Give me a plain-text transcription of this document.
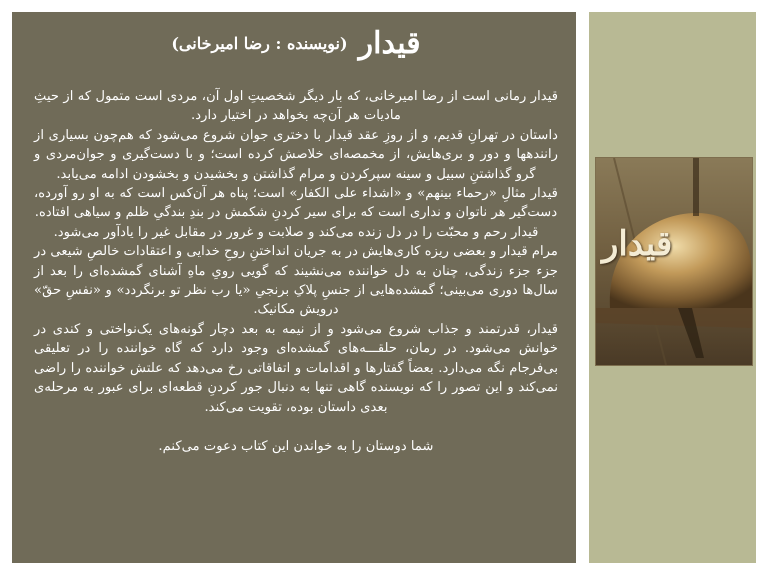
قیدار (نویسنده : رضا امیرخانی)

قیدار رمانی است از رضا امیرخانی، که بار دیگر شخصیتِ اول آن، مردی است متمول که از حیثِ مادیات هر آن‌چه بخواهد در اختیار دارد.

داستان در تهرانِ قدیم، و از روزِ عقد قیدار با دختری جوان شروع می‌شود که هم‌چون بسیاری از رانندهها و دور و بری‌هایش، از مخمصه‌ای خلاصش کرده است؛ و با دست‌گیری و جوان‌مردی و گرو گذاشتنِ سبیل و سینه سپرکردن و مرام گذاشتن و بخشیدن و بخشودن ادامه می‌یابد.

قیدار مثالِ «رحماء بینهم» و «اشداء علی الکفار» است؛ پناه هر آن‌کس است که به او رو آورده، دست‌گیر هر ناتوان و نداری است که برای سیر کردنِ شکمش در بندِ بندگیِ ظلم و سیاهی افتاده.

قیدار رحم و محبّت را در دل زنده می‌کند و صلابت و غرور در مقابل غیر را یادآور می‌شود.

مرام قیدار و بعضی ریزه کاری‌هایش در به جریان انداختنِ روحِ خدایی و اعتقادات خالصِ شیعی در جزء جزء زندگی، چنان به دل خواننده می‌نشیند که گویی رویِ ماهِ آشنای گمشده‌ای را بعد از سال‌ها دوری می‌بینی؛ گمشده‌هایی از جنسِ پلاکِ برنجیِ «یا رب نظر تو برنگردد» و «نفسِ حقّ» درویش مکانیک.

قیدار، قدرتمند و جذاب شروع می‌شود و از نیمه به بعد دچار گونه‌های یک‌نواختی و کندی در خوانش می‌شود. در رمان، حلقـــه‌های گمشده‌ای وجود دارد که گاه خواننده را در تعلیقی بی‌فرجام نگه می‌دارد. بعضاً گفتارها و اقدامات و اتفاقاتی رخ می‌دهد که علتش خواننده را راضی نمی‌کند و این تصور را که نویسنده گاهی تنها به دنبال جور کردنِ قطعه‌ای برای عبور به مرحله‌ی بعدی داستان بوده، تقویت می‌کند.

شما دوستان را به خواندن این کتاب دعوت می‌کنم.

قیدار
